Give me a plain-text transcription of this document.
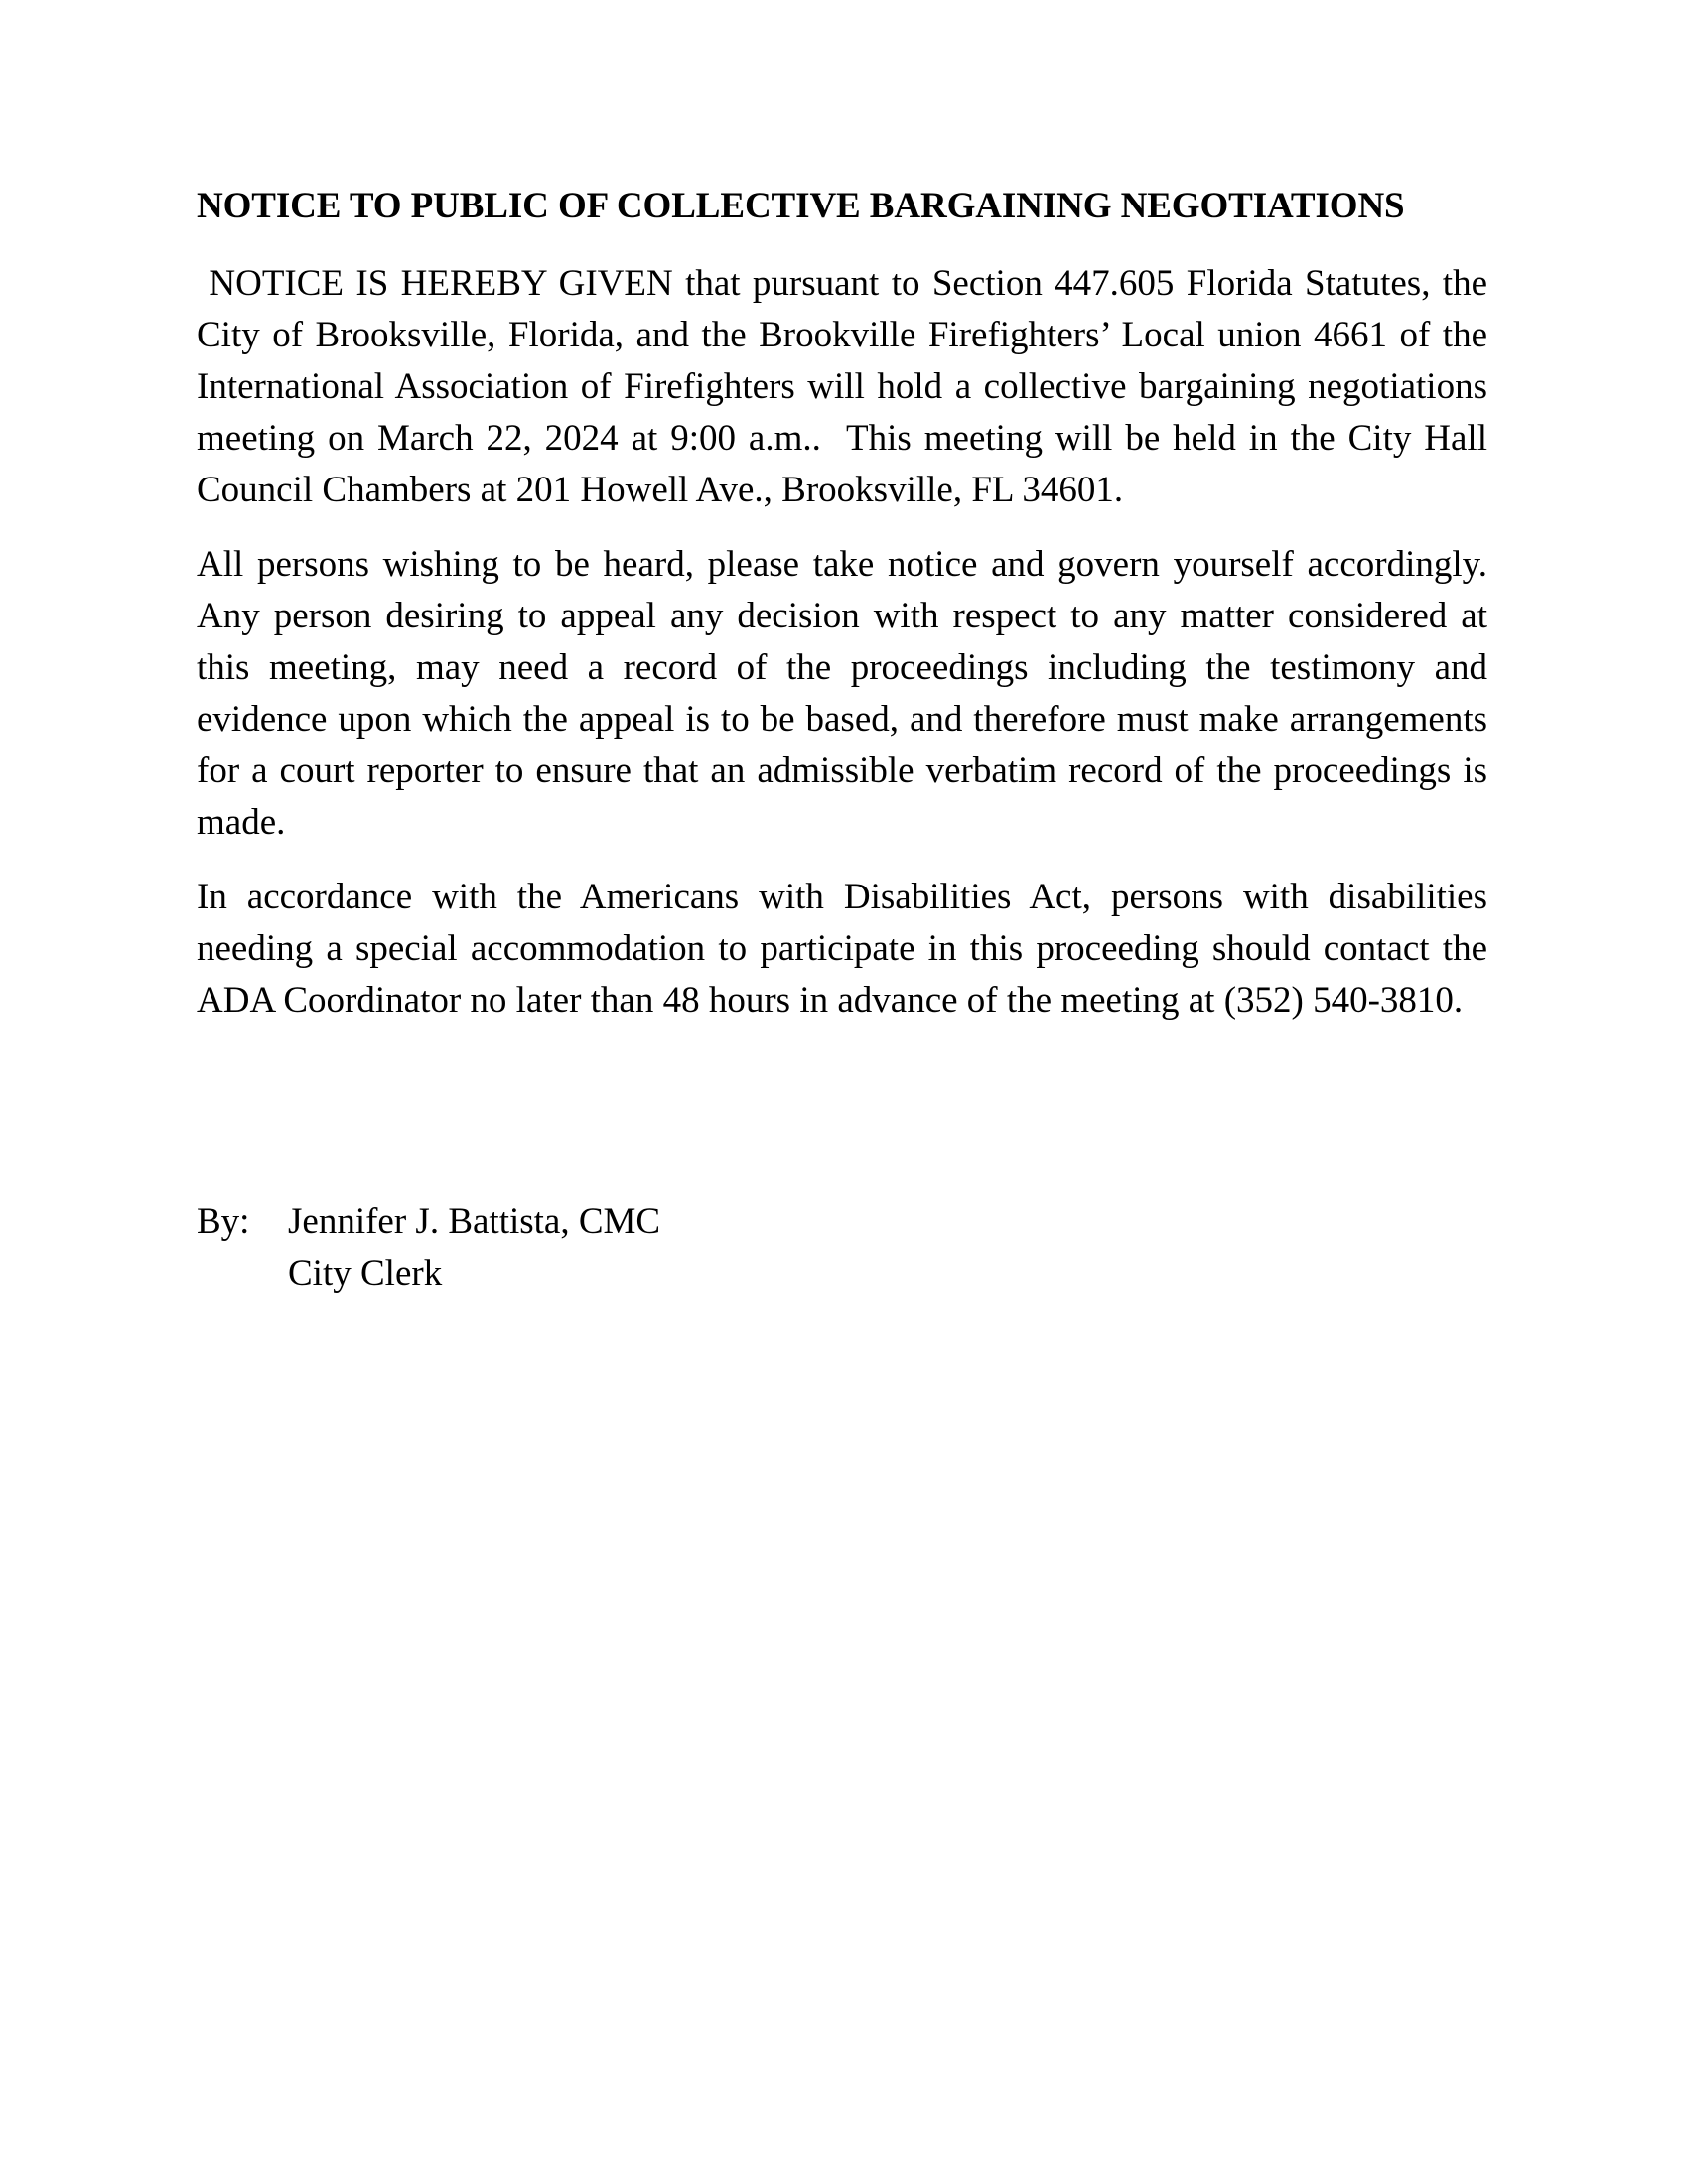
NOTICE TO PUBLIC OF COLLECTIVE BARGAINING NEGOTIATIONS

NOTICE IS HEREBY GIVEN that pursuant to Section 447.605 Florida Statutes, the City of Brooksville, Florida, and the Brookville Firefighters’ Local union 4661 of the International Association of Firefighters will hold a collective bargaining negotiations meeting on March 22, 2024 at 9:00 a.m..  This meeting will be held in the City Hall Council Chambers at 201 Howell Ave., Brooksville, FL 34601.

All persons wishing to be heard, please take notice and govern yourself accordingly. Any person desiring to appeal any decision with respect to any matter considered at this meeting, may need a record of the proceedings including the testimony and evidence upon which the appeal is to be based, and therefore must make arrangements for a court reporter to ensure that an admissible verbatim record of the proceedings is made.

In accordance with the Americans with Disabilities Act, persons with disabilities needing a special accommodation to participate in this proceeding should contact the ADA Coordinator no later than 48 hours in advance of the meeting at (352) 540-3810.

By:	Jennifer J. Battista, CMC
City Clerk
